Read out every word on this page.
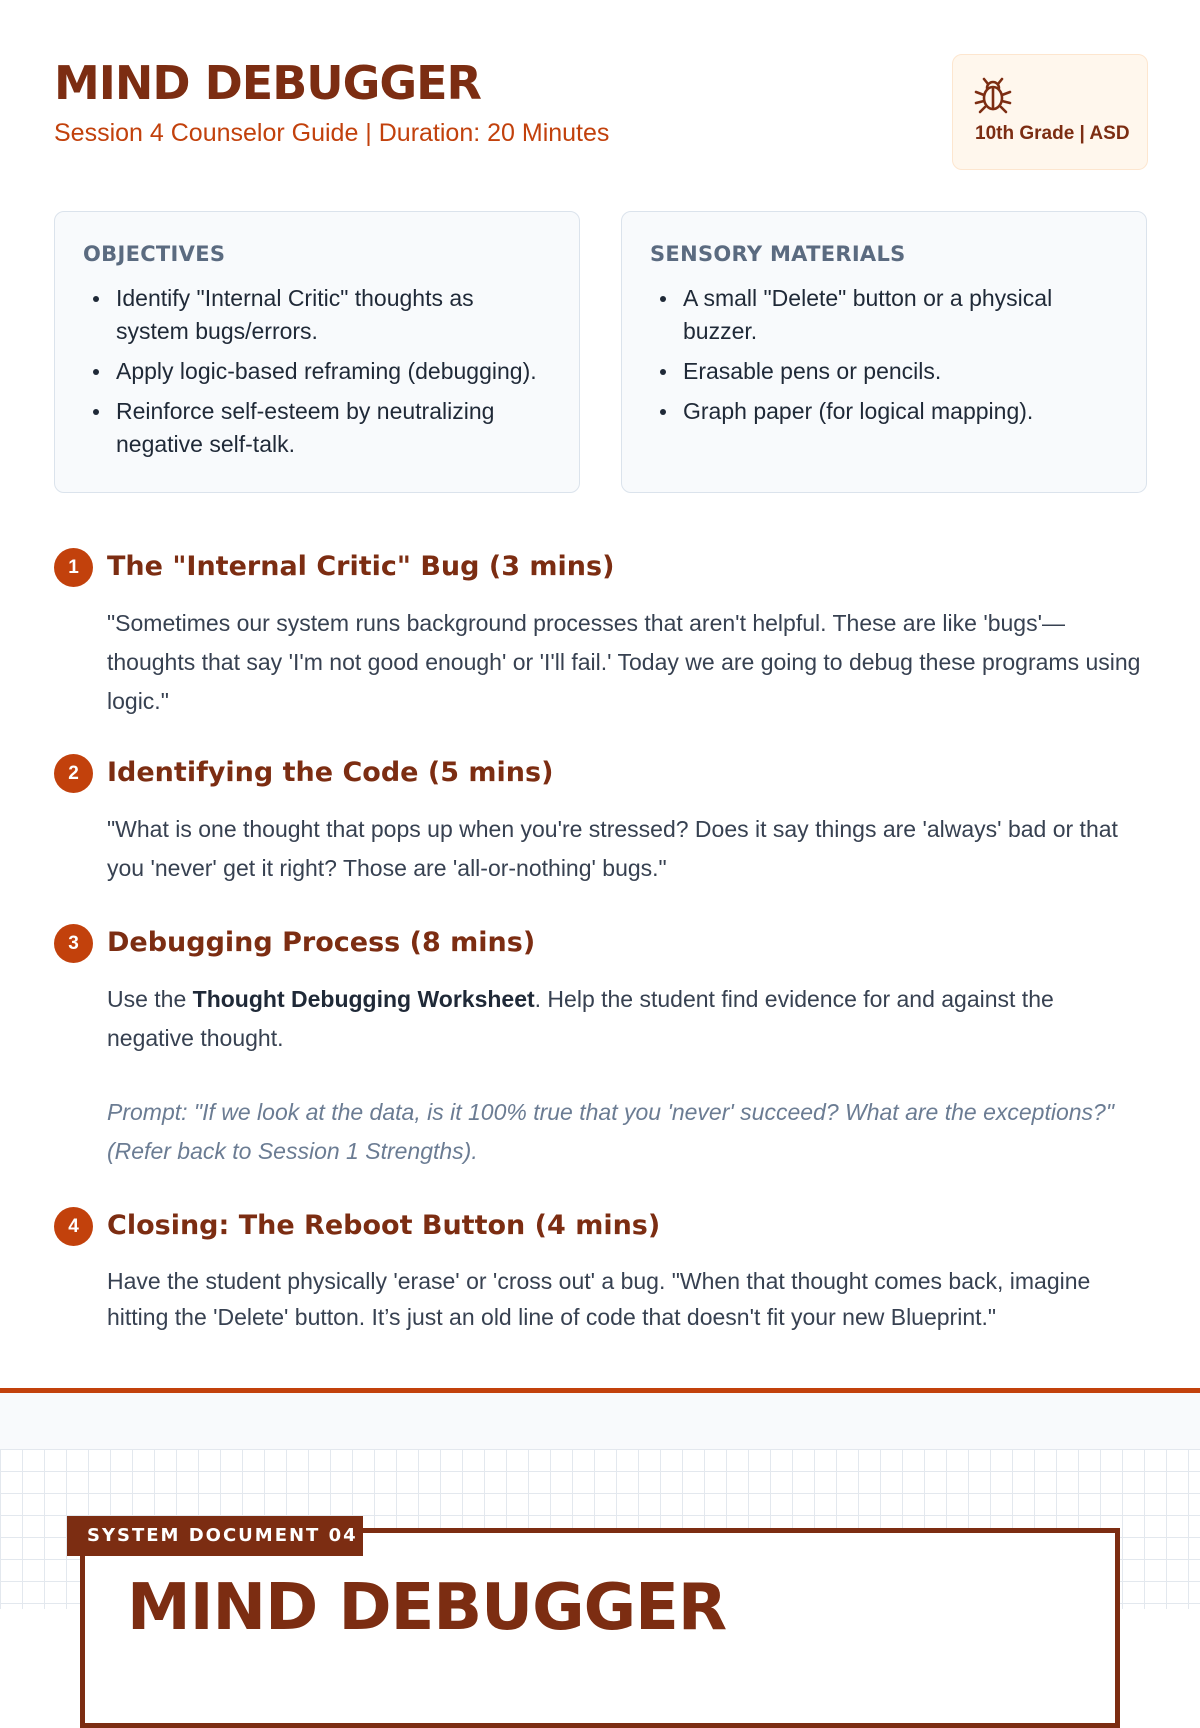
MIND DEBUGGER
Session 4 Counselor Guide | Duration: 20 Minutes	10th Grade | ASD
OBJECTIVES
Identify "Internal Critic" thoughts as system bugs/errors.
Apply logic-based reframing (debugging).
Reinforce self-esteem by neutralizing negative self-talk.
SENSORY MATERIALS
A small "Delete" button or a physical buzzer.
Erasable pens or pencils.
Graph paper (for logical mapping).
1	The "Internal Critic" Bug (3 mins)

"Sometimes our system runs background processes that aren't helpful. These are like 'bugs'—thoughts that say 'I'm not good enough' or 'I'll fail.' Today we are going to debug these programs using logic."

2	Identifying the Code (5 mins)

"What is one thought that pops up when you're stressed? Does it say things are 'always' bad or that you 'never' get it right? Those are 'all-or-nothing' bugs."

3	Debugging Process (8 mins)

Use the Thought Debugging Worksheet. Help the student find evidence for and against the negative thought.

Prompt: "If we look at the data, is it 100% true that you 'never' succeed? What are the exceptions?" (Refer back to Session 1 Strengths).

4	Closing: The Reboot Button (4 mins)

Have the student physically 'erase' or 'cross out' a bug. "When that thought comes back, imagine hitting the 'Delete' button. It’s just an old line of code that doesn't fit your new Blueprint."

MIND DEBUGGER
SYSTEM DOCUMENT 04
